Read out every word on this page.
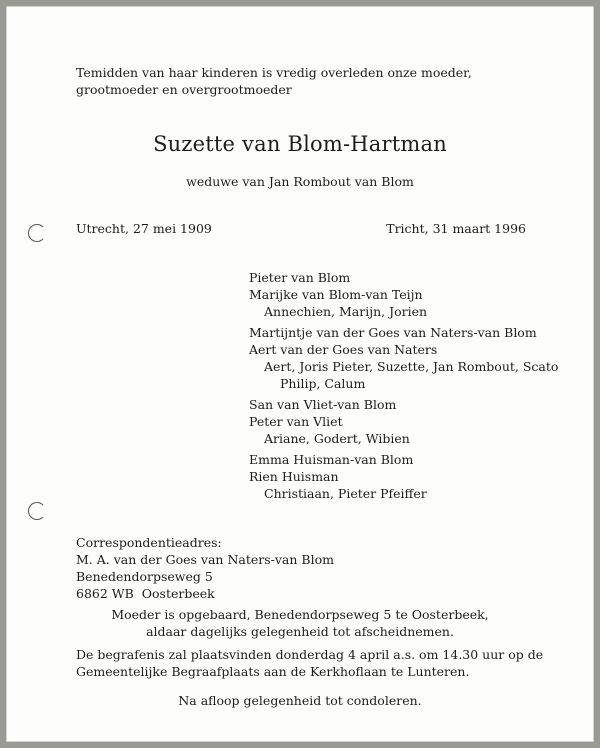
Temidden van haar kinderen is vredig overleden onze moeder, grootmoeder en overgrootmoeder
Suzette van Blom-Hartman
weduwe van Jan Rombout van Blom
Utrecht, 27 mei 1909	Tricht, 31 maart 1996
Pieter van Blom
Marijke van Blom-van Teijn
Annechien, Marijn, Jorien
Martijntje van der Goes van Naters-van Blom
Aert van der Goes van Naters
Aert, Joris Pieter, Suzette, Jan Rombout, Scato
Philip, Calum
San van Vliet-van Blom
Peter van Vliet
Ariane, Godert, Wibien
Emma Huisman-van Blom
Rien Huisman
Christiaan, Pieter Pfeiffer
Correspondentieadres:
M. A. van der Goes van Naters-van Blom
Benedendorpseweg 5
6862 WB  Oosterbeek
Moeder is opgebaard, Benedendorpseweg 5 te Oosterbeek,
aldaar dagelijks gelegenheid tot afscheidnemen.
De begrafenis zal plaatsvinden donderdag 4 april a.s. om 14.30 uur op de Gemeentelijke Begraafplaats aan de Kerkhoflaan te Lunteren.
Na afloop gelegenheid tot condoleren.
